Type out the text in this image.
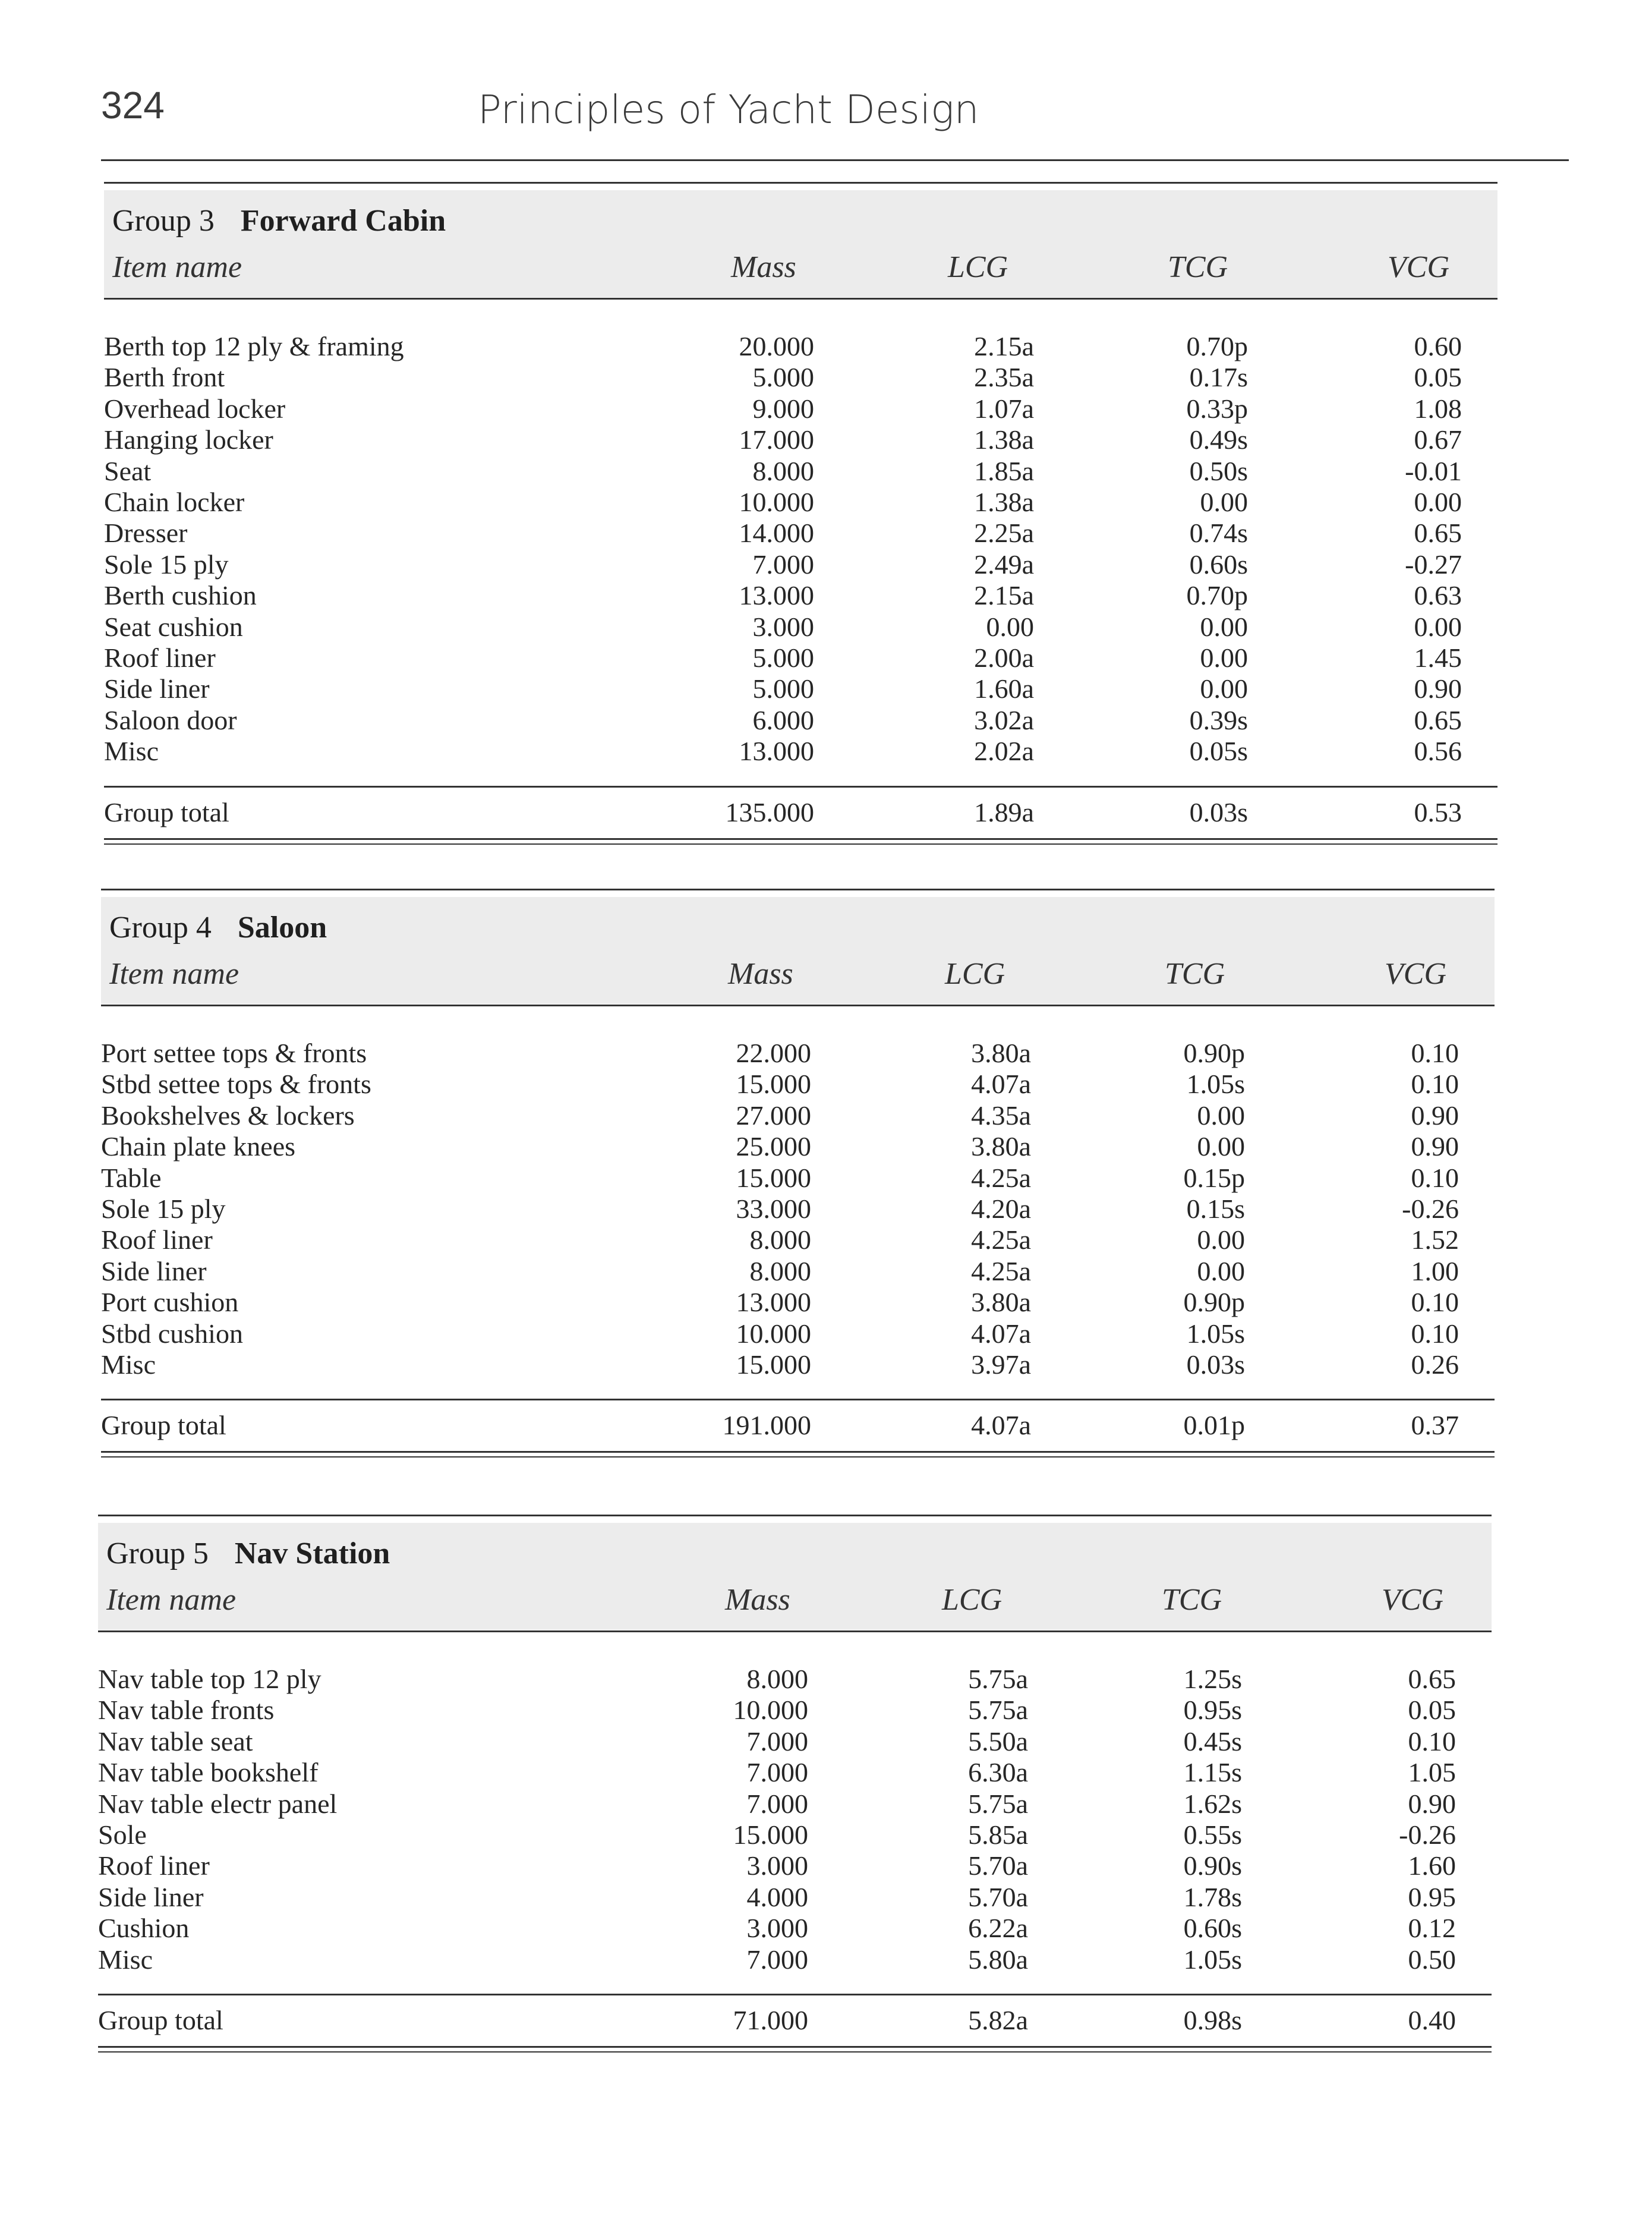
324	Principles of Yacht Design
Group 3 Forward Cabin
Item name	Mass	LCG	TCG	VCG
Berth top 12 ply & framing	20.000	2.15a	0.70p	0.60
Berth front	5.000	2.35a	0.17s	0.05
Overhead locker	9.000	1.07a	0.33p	1.08
Hanging locker	17.000	1.38a	0.49s	0.67
Seat	8.000	1.85a	0.50s	-0.01
Chain locker	10.000	1.38a	0.00	0.00
Dresser	14.000	2.25a	0.74s	0.65
Sole 15 ply	7.000	2.49a	0.60s	-0.27
Berth cushion	13.000	2.15a	0.70p	0.63
Seat cushion	3.000	0.00	0.00	0.00
Roof liner	5.000	2.00a	0.00	1.45
Side liner	5.000	1.60a	0.00	0.90
Saloon door	6.000	3.02a	0.39s	0.65
Misc	13.000	2.02a	0.05s	0.56
Group total	135.000	1.89a	0.03s	0.53
Group 4 Saloon
Item name	Mass	LCG	TCG	VCG
Port settee tops & fronts	22.000	3.80a	0.90p	0.10
Stbd settee tops & fronts	15.000	4.07a	1.05s	0.10
Bookshelves & lockers	27.000	4.35a	0.00	0.90
Chain plate knees	25.000	3.80a	0.00	0.90
Table	15.000	4.25a	0.15p	0.10
Sole 15 ply	33.000	4.20a	0.15s	-0.26
Roof liner	8.000	4.25a	0.00	1.52
Side liner	8.000	4.25a	0.00	1.00
Port cushion	13.000	3.80a	0.90p	0.10
Stbd cushion	10.000	4.07a	1.05s	0.10
Misc	15.000	3.97a	0.03s	0.26
Group total	191.000	4.07a	0.01p	0.37
Group 5 Nav Station
Item name	Mass	LCG	TCG	VCG
Nav table top 12 ply	8.000	5.75a	1.25s	0.65
Nav table fronts	10.000	5.75a	0.95s	0.05
Nav table seat	7.000	5.50a	0.45s	0.10
Nav table bookshelf	7.000	6.30a	1.15s	1.05
Nav table electr panel	7.000	5.75a	1.62s	0.90
Sole	15.000	5.85a	0.55s	-0.26
Roof liner	3.000	5.70a	0.90s	1.60
Side liner	4.000	5.70a	1.78s	0.95
Cushion	3.000	6.22a	0.60s	0.12
Misc	7.000	5.80a	1.05s	0.50
Group total	71.000	5.82a	0.98s	0.40
